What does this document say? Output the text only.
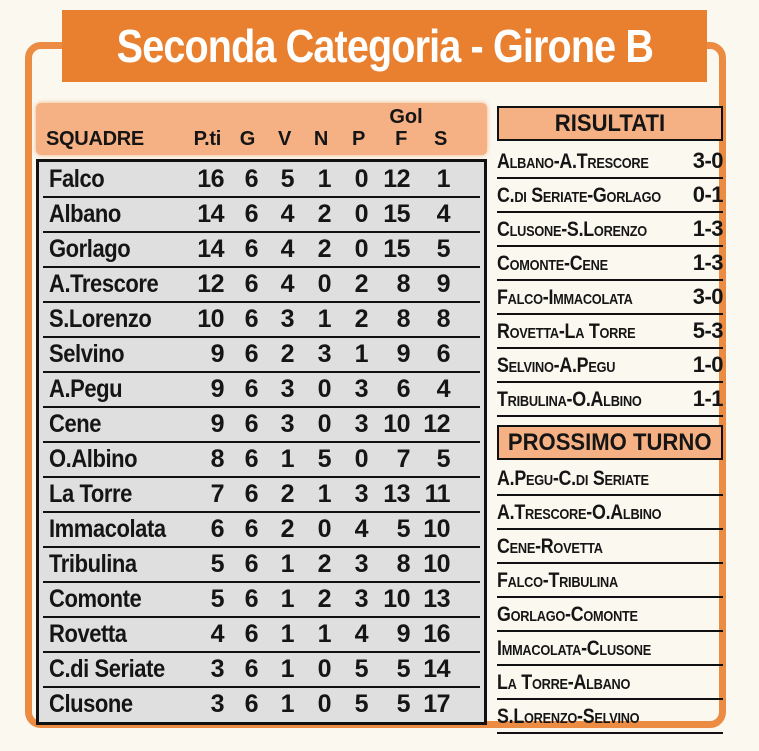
Seconda Categoria - Girone B
Gol
SQUADRE	P.ti G	V	N	P	F	S
Falco	16 6 5 1 0 12	1
Albano	14 6 4 2 0 15	4
Gorlago	14 6 4 2 0 15	5
A.Trescore	12 6 4 0 2	8	9
S.Lorenzo	10 6 3 1 2	8	8
Selvino	9 6 2 3 1	9	6
A.Pegu	9 6 3 0 3	6	4
Cene	9 6 3 0 3 10 12
O.Albino	8 6 1 5 0	7	5
La Torre	7 6 2 1 3 13 11
Immacolata	6 6 2 0 4	5 10
Tribulina	5 6 1 2 3	8 10
Comonte	5 6 1 2 3 10 13
Rovetta	4 6 1 1 4	9 16
C.di Seriate	3 6 1 0 5	5 14
Clusone	3 6 1 0 5	5 17
RISULTATI
Albano-A.Trescore 3-0
C.di Seriate-Gorlago 0-1
Clusone-S.Lorenzo 1-3
Comonte-Cene	1-3
Falco-Immacolata	3-0
Rovetta-La Torre	5-3
Selvino-A.Pegu	1-0
Tribulina-O.Albino 1-1
PROSSIMO TURNO
A.Pegu-C.di Seriate
A.Trescore-O.Albino
Cene-Rovetta
Falco-Tribulina
Gorlago-Comonte
Immacolata-Clusone
La Torre-Albano
S.Lorenzo-Selvino
